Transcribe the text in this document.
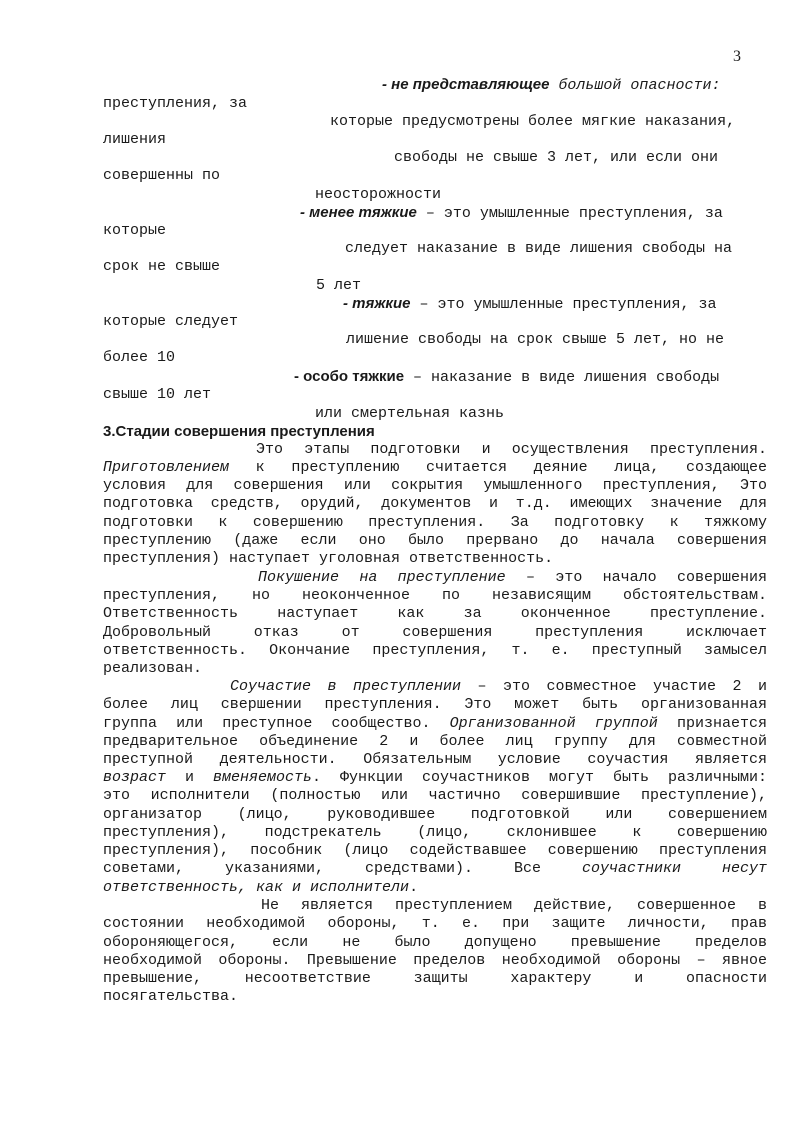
3
- не представляющее большой опасности:
преступления, за
которые предусмотрены более мягкие наказания,
лишения
свободы не свыше 3 лет, или если они
совершенны по
неосторожности
- менее тяжкие – это умышленные преступления, за
которые
следует наказание в виде лишения свободы на
срок не свыше
5 лет
- тяжкие – это умышленные преступления, за
которые следует
лишение свободы на срок свыше 5 лет, но не
более 10
- особо тяжкие – наказание в виде лишения свободы
свыше 10 лет
или смертельная казнь
3.Стадии совершения преступления
Это этапы подготовки и осуществления преступления.
Приготовлением к преступлению считается деяние лица, создающее
условия для совершения или сокрытия умышленного преступления, Это
подготовка средств, орудий, документов и т.д. имеющих значение для
подготовки к совершению преступления. За подготовку к тяжкому
преступлению (даже если оно было прервано до начала совершения
преступления) наступает уголовная ответственность.
Покушение на преступление – это начало совершения
преступления, но неоконченное по независящим обстоятельствам.
Ответственность наступает как за оконченное преступление.
Добровольный отказ от совершения преступления исключает
ответственность. Окончание преступления, т. е. преступный замысел
реализован.
Соучастие в преступлении – это совместное участие 2 и
более лиц свершении преступления. Это может быть организованная
группа или преступное сообщество. Организованной группой признается
предварительное объединение 2 и более лиц группу для совместной
преступной деятельности. Обязательным условие соучастия является
возраст и вменяемость. Функции соучастников могут быть различными:
это исполнители (полностью или частично совершившие преступление),
организатор (лицо, руководившее подготовкой или совершением
преступления), подстрекатель (лицо, склонившее к совершению
преступления), пособник (лицо содействавшее совершению преступления
советами, указаниями, средствами). Все соучастники несут
ответственность, как и исполнители.
Не является преступлением действие, совершенное в
состоянии необходимой обороны, т. е. при защите личности, прав
обороняющегося, если не было допущено превышение пределов
необходимой обороны. Превышение пределов необходимой обороны – явное
превышение, несоответствие защиты характеру и опасности
посягательства.
